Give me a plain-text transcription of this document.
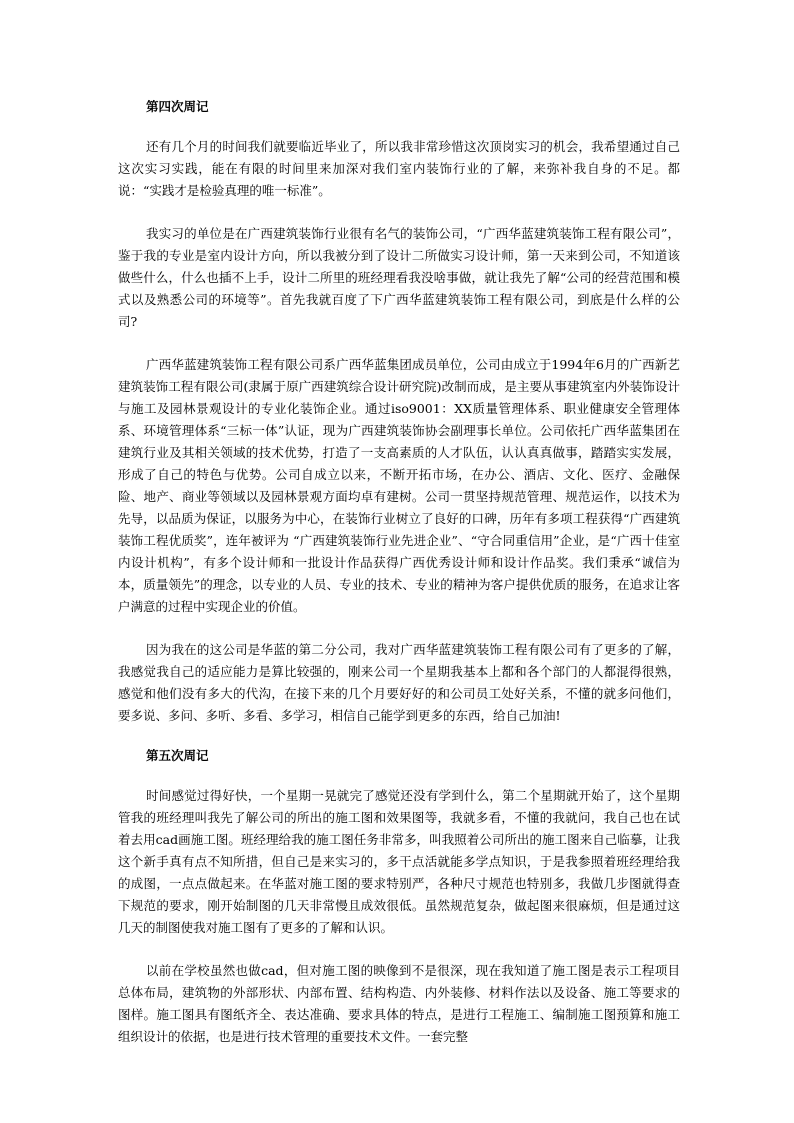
第四次周记

还有几个月的时间我们就要临近毕业了，所以我非常珍惜这次顶岗实习的机会，我希望通过自己这次实习实践，能在有限的时间里来加深对我们室内装饰行业的了解，来弥补我自身的不足。都说：“实践才是检验真理的唯一标准”。

我实习的单位是在广西建筑装饰行业很有名气的装饰公司，“广西华蓝建筑装饰工程有限公司”，鉴于我的专业是室内设计方向，所以我被分到了设计二所做实习设计师，第一天来到公司，不知道该做些什么，什么也插不上手，设计二所里的班经理看我没啥事做，就让我先了解“公司的经营范围和模式以及熟悉公司的环境等”。首先我就百度了下广西华蓝建筑装饰工程有限公司，到底是什么样的公司?

广西华蓝建筑装饰工程有限公司系广西华蓝集团成员单位，公司由成立于1994年6月的广西新艺建筑装饰工程有限公司(隶属于原广西建筑综合设计研究院)改制而成，是主要从事建筑室内外装饰设计与施工及园林景观设计的专业化装饰企业。通过iso9001：XX质量管理体系、职业健康安全管理体系、环境管理体系“三标一体”认证，现为广西建筑装饰协会副理事长单位。公司依托广西华蓝集团在建筑行业及其相关领域的技术优势，打造了一支高素质的人才队伍，认认真真做事，踏踏实实发展，形成了自己的特色与优势。公司自成立以来，不断开拓市场，在办公、酒店、文化、医疗、金融保险、地产、商业等领域以及园林景观方面均卓有建树。公司一贯坚持规范管理、规范运作，以技术为先导，以品质为保证，以服务为中心，在装饰行业树立了良好的口碑，历年有多项工程获得“广西建筑装饰工程优质奖”，连年被评为 “广西建筑装饰行业先进企业”、“守合同重信用”企业，是“广西十佳室内设计机构”，有多个设计师和一批设计作品获得广西优秀设计师和设计作品奖。我们秉承“诚信为本，质量领先”的理念，以专业的人员、专业的技术、专业的精神为客户提供优质的服务，在追求让客户满意的过程中实现企业的价值。

因为我在的这公司是华蓝的第二分公司，我对广西华蓝建筑装饰工程有限公司有了更多的了解，我感觉我自己的适应能力是算比较强的，刚来公司一个星期我基本上都和各个部门的人都混得很熟，感觉和他们没有多大的代沟，在接下来的几个月要好好的和公司员工处好关系，不懂的就多问他们，要多说、多问、多听、多看、多学习，相信自己能学到更多的东西，给自己加油!

第五次周记

时间感觉过得好快，一个星期一晃就完了感觉还没有学到什么，第二个星期就开始了，这个星期管我的班经理叫我先了解公司的所出的施工图和效果图等，我就多看，不懂的我就问，我自己也在试着去用cad画施工图。班经理给我的施工图任务非常多，叫我照着公司所出的施工图来自己临摹，让我这个新手真有点不知所措，但自己是来实习的，多干点活就能多学点知识，于是我参照着班经理给我的成图，一点点做起来。在华蓝对施工图的要求特别严，各种尺寸规范也特别多，我做几步图就得查下规范的要求，刚开始制图的几天非常慢且成效很低。虽然规范复杂，做起图来很麻烦，但是通过这几天的制图使我对施工图有了更多的了解和认识。

以前在学校虽然也做cad，但对施工图的映像到不是很深，现在我知道了施工图是表示工程项目总体布局，建筑物的外部形状、内部布置、结构构造、内外装修、材料作法以及设备、施工等要求的图样。施工图具有图纸齐全、表达准确、要求具体的特点，是进行工程施工、编制施工图预算和施工组织设计的依据，也是进行技术管理的重要技术文件。一套完整
